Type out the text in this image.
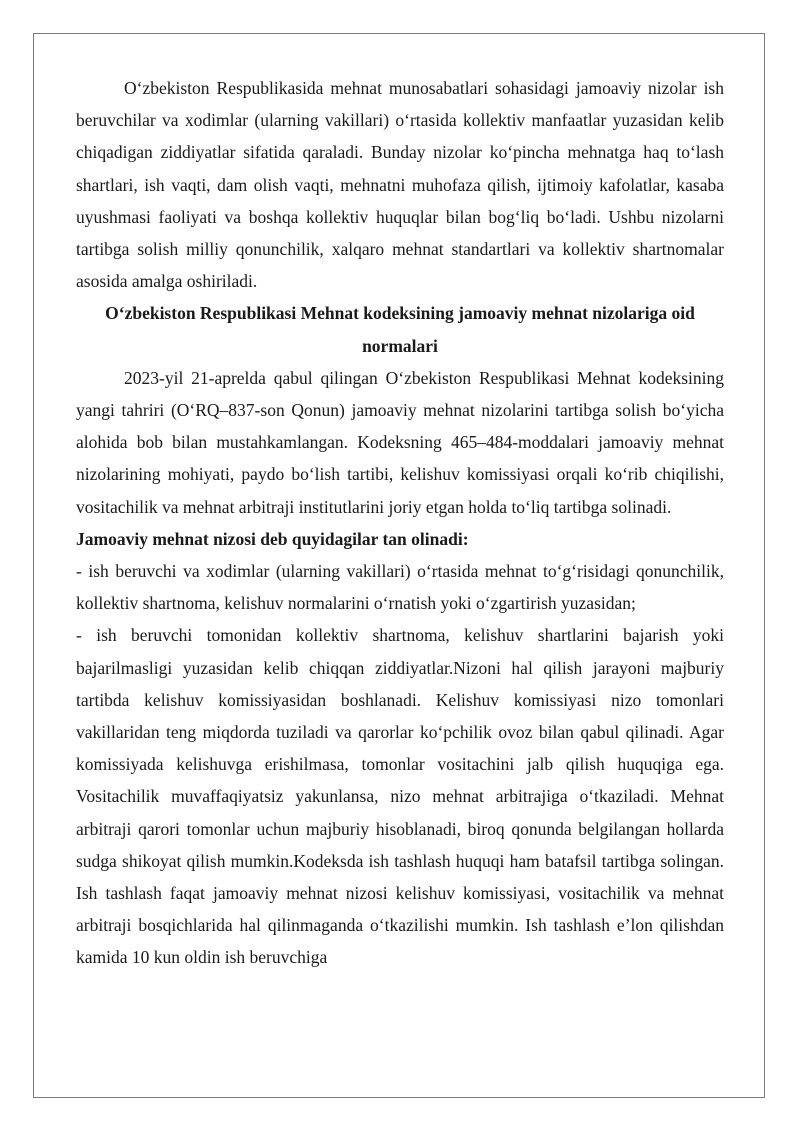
O‘zbekiston Respublikasida mehnat munosabatlari sohasidagi jamoaviy nizolar ish beruvchilar va xodimlar (ularning vakillari) o‘rtasida kollektiv manfaatlar yuzasidan kelib chiqadigan ziddiyatlar sifatida qaraladi. Bunday nizolar ko‘pincha mehnatga haq to‘lash shartlari, ish vaqti, dam olish vaqti, mehnatni muhofaza qilish, ijtimoiy kafolatlar, kasaba uyushmasi faoliyati va boshqa kollektiv huquqlar bilan bog‘liq bo‘ladi. Ushbu nizolarni tartibga solish milliy qonunchilik, xalqaro mehnat standartlari va kollektiv shartnomalar asosida amalga oshiriladi.

O‘zbekiston Respublikasi Mehnat kodeksining jamoaviy mehnat nizolariga oid normalari

2023-yil 21-aprelda qabul qilingan O‘zbekiston Respublikasi Mehnat kodeksining yangi tahriri (O‘RQ–837-son Qonun) jamoaviy mehnat nizolarini tartibga solish bo‘yicha alohida bob bilan mustahkamlangan. Kodeksning 465–484-moddalari jamoaviy mehnat nizolarining mohiyati, paydo bo‘lish tartibi, kelishuv komissiyasi orqali ko‘rib chiqilishi, vositachilik va mehnat arbitraji institutlarini joriy etgan holda to‘liq tartibga solinadi.

Jamoaviy mehnat nizosi deb quyidagilar tan olinadi:

- ish beruvchi va xodimlar (ularning vakillari) o‘rtasida mehnat to‘g‘risidagi qonunchilik, kollektiv shartnoma, kelishuv normalarini o‘rnatish yoki o‘zgartirish yuzasidan;

- ish beruvchi tomonidan kollektiv shartnoma, kelishuv shartlarini bajarish yoki bajarilmasligi yuzasidan kelib chiqqan ziddiyatlar.Nizoni hal qilish jarayoni majburiy tartibda kelishuv komissiyasidan boshlanadi. Kelishuv komissiyasi nizo tomonlari vakillaridan teng miqdorda tuziladi va qarorlar ko‘pchilik ovoz bilan qabul qilinadi. Agar komissiyada kelishuvga erishilmasa, tomonlar vositachini jalb qilish huquqiga ega. Vositachilik muvaffaqiyatsiz yakunlansa, nizo mehnat arbitrajiga o‘tkaziladi. Mehnat arbitraji qarori tomonlar uchun majburiy hisoblanadi, biroq qonunda belgilangan hollarda sudga shikoyat qilish mumkin.Kodeksda ish tashlash huquqi ham batafsil tartibga solingan. Ish tashlash faqat jamoaviy mehnat nizosi kelishuv komissiyasi, vositachilik va mehnat arbitraji bosqichlarida hal qilinmaganda o‘tkazilishi mumkin. Ish tashlash e’lon qilishdan kamida 10 kun oldin ish beruvchiga
